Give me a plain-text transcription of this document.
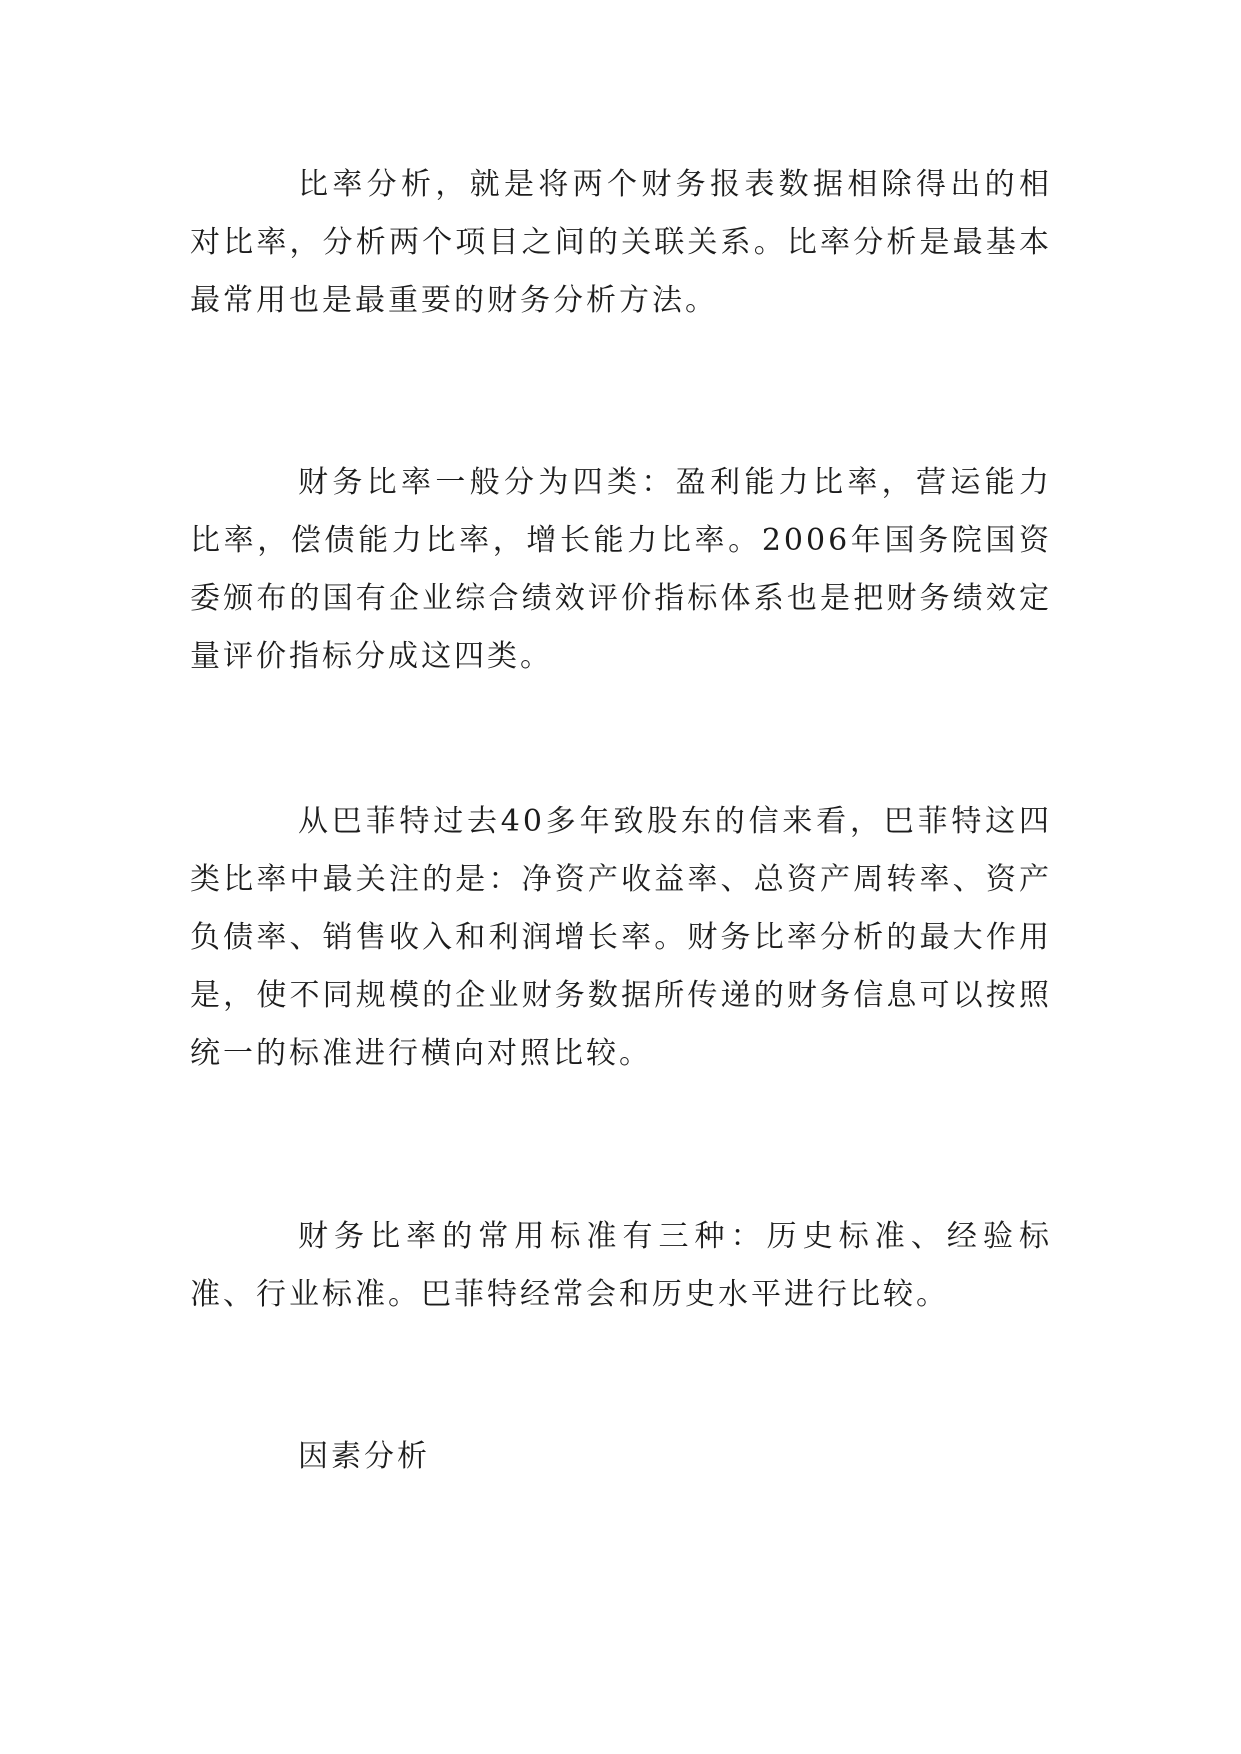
比率分析，就是将两个财务报表数据相除得出的相对比率，分析两个项目之间的关联关系。比率分析是最基本最常用也是最重要的财务分析方法。

财务比率一般分为四类：盈利能力比率，营运能力比率，偿债能力比率，增长能力比率。2006年国务院国资委颁布的国有企业综合绩效评价指标体系也是把财务绩效定量评价指标分成这四类。

从巴菲特过去40多年致股东的信来看，巴菲特这四类比率中最关注的是：净资产收益率、总资产周转率、资产负债率、销售收入和利润增长率。财务比率分析的最大作用是，使不同规模的企业财务数据所传递的财务信息可以按照统一的标准进行横向对照比较。

财务比率的常用标准有三种：历史标准、经验标准、行业标准。巴菲特经常会和历史水平进行比较。

因素分析
